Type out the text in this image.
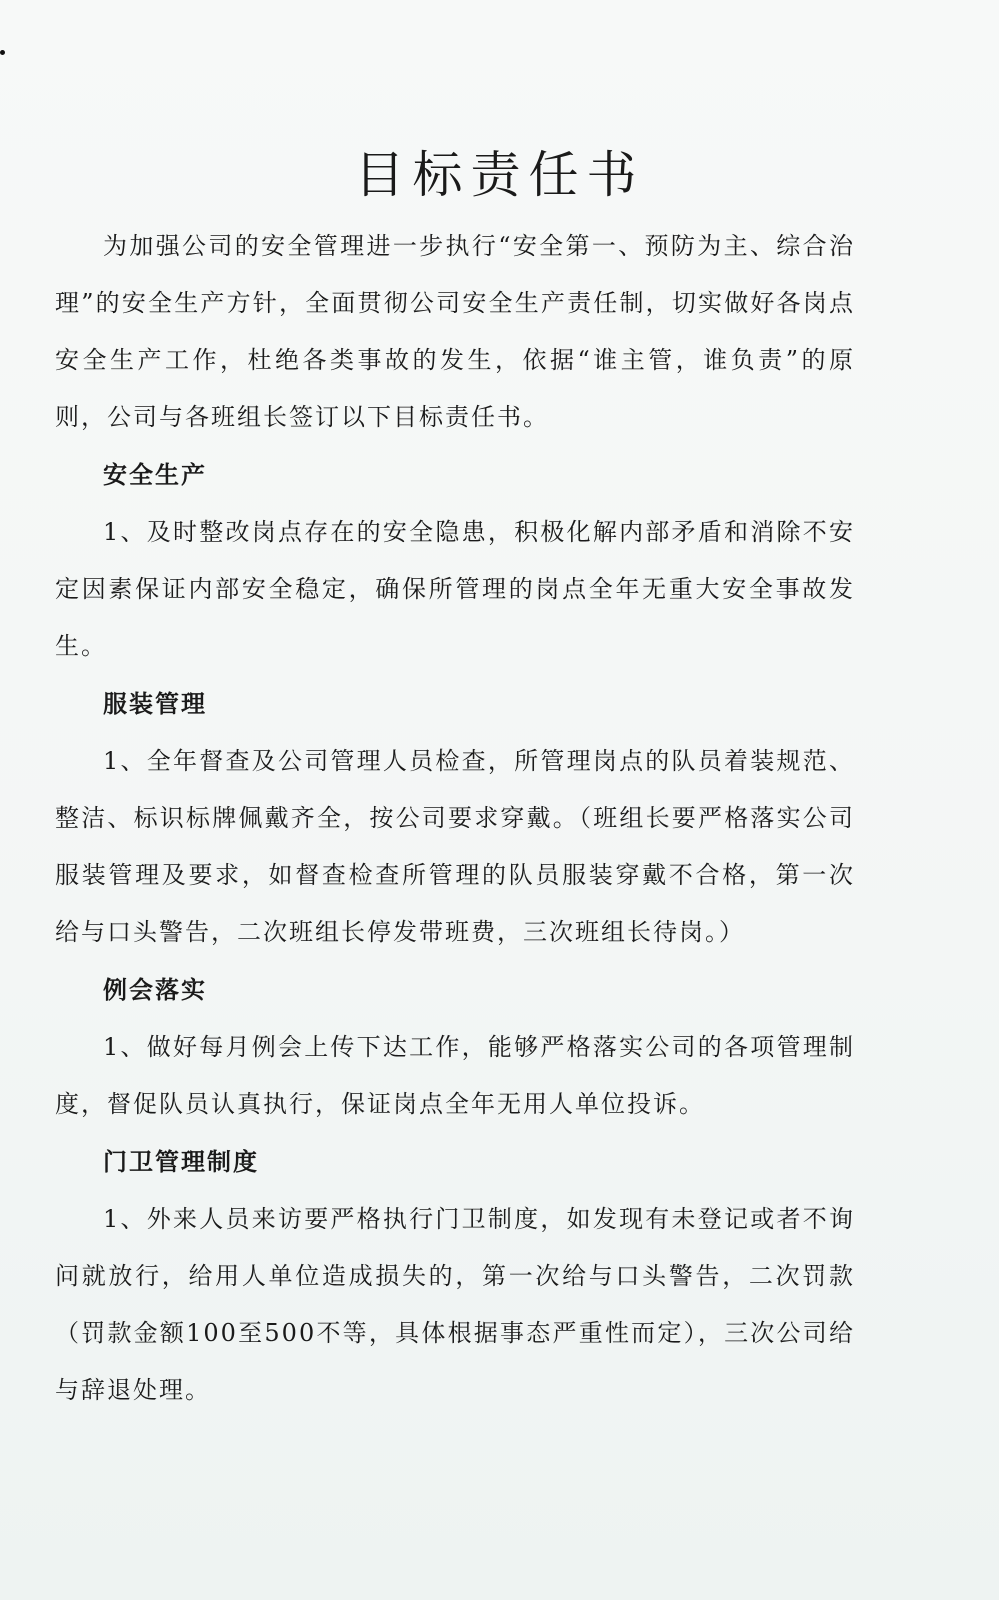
目标责任书

为加强公司的安全管理进一步执行“安全第一、预防为主、综合治理”的安全生产方针，全面贯彻公司安全生产责任制，切实做好各岗点安全生产工作，杜绝各类事故的发生，依据“谁主管，谁负责”的原则，公司与各班组长签订以下目标责任书。

安全生产

1、及时整改岗点存在的安全隐患，积极化解内部矛盾和消除不安定因素保证内部安全稳定，确保所管理的岗点全年无重大安全事故发生。

服装管理

1、全年督查及公司管理人员检查，所管理岗点的队员着装规范、整洁、标识标牌佩戴齐全，按公司要求穿戴。（班组长要严格落实公司服装管理及要求，如督查检查所管理的队员服装穿戴不合格，第一次给与口头警告，二次班组长停发带班费，三次班组长待岗。）

例会落实

1、做好每月例会上传下达工作，能够严格落实公司的各项管理制度，督促队员认真执行，保证岗点全年无用人单位投诉。

门卫管理制度

1、外来人员来访要严格执行门卫制度，如发现有未登记或者不询问就放行，给用人单位造成损失的，第一次给与口头警告，二次罚款（罚款金额100至500不等，具体根据事态严重性而定），三次公司给与辞退处理。
